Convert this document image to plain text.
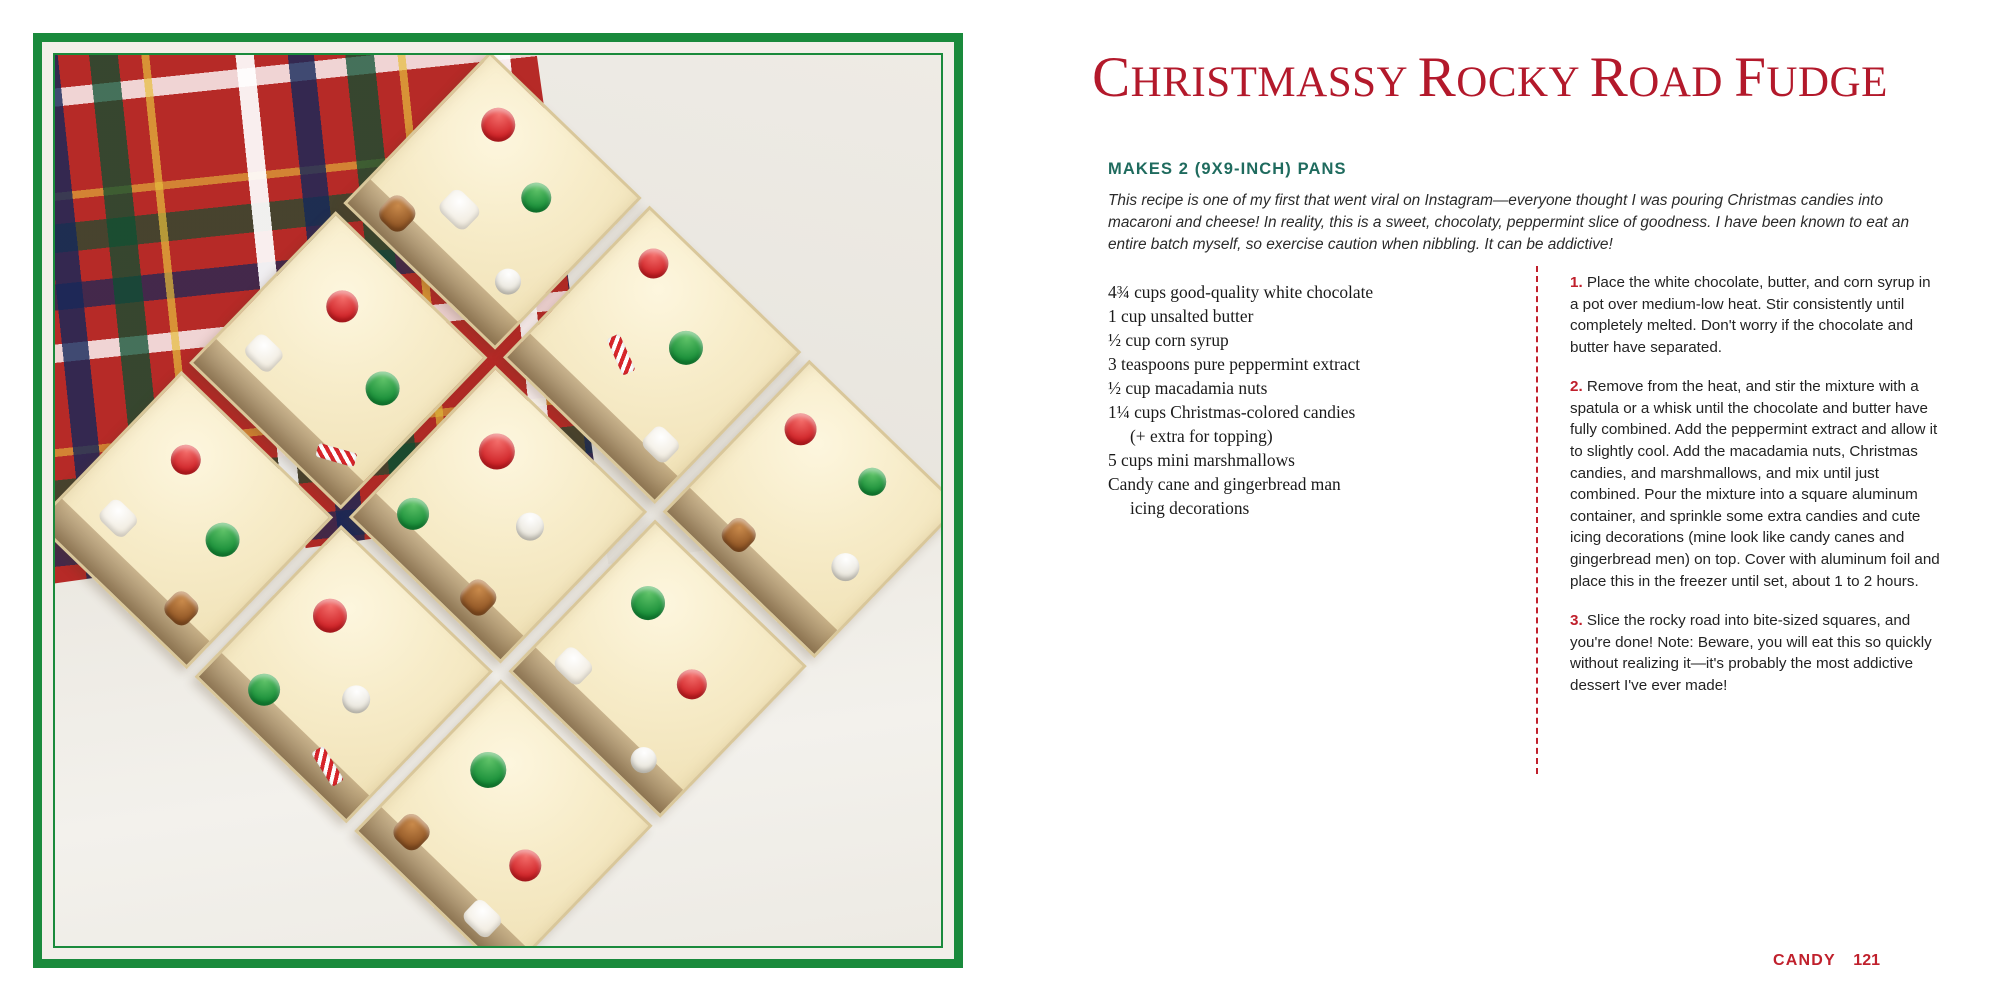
CHRISTMASSY ROCKY ROAD FUDGE
MAKES 2 (9X9-INCH) PANS
This recipe is one of my first that went viral on Instagram—everyone thought I was pouring Christmas candies into macaroni and cheese! In reality, this is a sweet, chocolaty, peppermint slice of goodness. I have been known to eat an entire batch myself, so exercise caution when nibbling. It can be addictive!
4¾ cups good-quality white chocolate
1 cup unsalted butter
½ cup corn syrup
3 teaspoons pure peppermint extract
½ cup macadamia nuts
1¼ cups Christmas-colored candies
(+ extra for topping)
5 cups mini marshmallows
Candy cane and gingerbread man
icing decorations
1. Place the white chocolate, butter, and corn syrup in a pot over medium-low heat. Stir consistently until completely melted. Don't worry if the chocolate and butter have separated.
2. Remove from the heat, and stir the mixture with a spatula or a whisk until the chocolate and butter have fully combined. Add the peppermint extract and allow it to slightly cool. Add the macadamia nuts, Christmas candies, and marshmallows, and mix until just combined. Pour the mixture into a square aluminum container, and sprinkle some extra candies and cute icing decorations (mine look like candy canes and gingerbread men) on top. Cover with aluminum foil and place this in the freezer until set, about 1 to 2 hours.
3. Slice the rocky road into bite-sized squares, and you're done! Note: Beware, you will eat this so quickly without realizing it—it's probably the most addictive dessert I've ever made!
CANDY 121
